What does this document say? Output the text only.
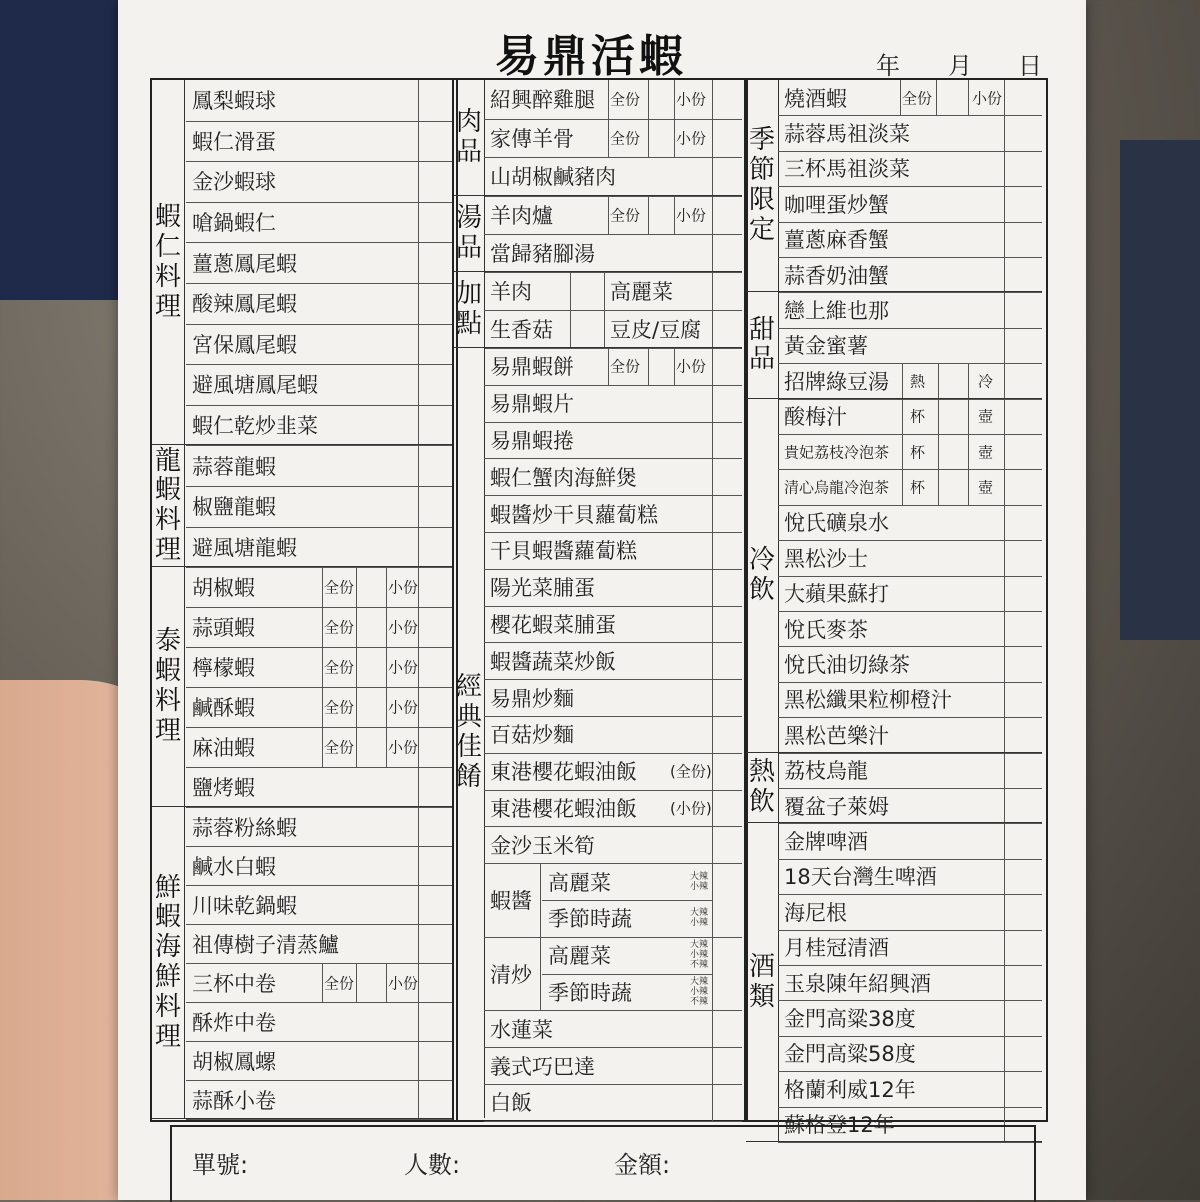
易鼎活蝦	年 月 日
蝦
仁
料
理
鳳梨蝦球
蝦仁滑蛋
金沙蝦球
嗆鍋蝦仁
薑蔥鳳尾蝦
酸辣鳳尾蝦
宮保鳳尾蝦
避風塘鳳尾蝦
蝦仁乾炒韭菜
龍
蝦
料
理
蒜蓉龍蝦
椒鹽龍蝦
避風塘龍蝦
泰
蝦
料
理
胡椒蝦	全份 小份
蒜頭蝦	全份 小份
檸檬蝦	全份 小份
鹹酥蝦	全份 小份
麻油蝦	全份 小份
鹽烤蝦
鮮
蝦
海
鮮
料
理
蒜蓉粉絲蝦
鹹水白蝦
川味乾鍋蝦
祖傳樹子清蒸鱸
三杯中卷	全份 小份
酥炸中卷
胡椒鳳螺
蒜酥小卷
肉
品
紹興醉雞腿 全份 小份
家傳羊骨 全份 小份
山胡椒鹹豬肉
湯
品
羊肉爐	全份 小份
當歸豬腳湯
加
點
羊肉	高麗菜
生香菇	豆皮/豆腐
經
典
佳
餚
易鼎蝦餅 全份 小份
易鼎蝦片
易鼎蝦捲
蝦仁蟹肉海鮮煲
蝦醬炒干貝蘿蔔糕
干貝蝦醬蘿蔔糕
陽光菜脯蛋
櫻花蝦菜脯蛋
蝦醬蔬菜炒飯
易鼎炒麵
百菇炒麵
東港櫻花蝦油飯 (全份)
東港櫻花蝦油飯 (小份)
金沙玉米筍
蝦醬
高麗菜	大辣
小辣
季節時蔬	大辣
小辣
清炒
高麗菜	大辣
小辣
不辣
季節時蔬	大辣
小辣
不辣
水蓮菜
義式巧巴達
白飯
季
節
限
定
燒酒蝦	全份	小份
蒜蓉馬祖淡菜
三杯馬祖淡菜
咖哩蛋炒蟹
薑蔥麻香蟹
蒜香奶油蟹
甜
品
戀上維也那
黃金蜜薯
招牌綠豆湯 熱	冷
冷
飲
酸梅汁	杯	壺
貴妃荔枝冷泡茶 杯	壺
清心烏龍冷泡茶 杯	壺
悅氏礦泉水
黑松沙士
大蘋果蘇打
悅氏麥茶
悅氏油切綠茶
黑松纖果粒柳橙汁
黑松芭樂汁
熱
飲
荔枝烏龍
覆盆子萊姆
酒
類
金牌啤酒
18天台灣生啤酒
海尼根
月桂冠清酒
玉泉陳年紹興酒
金門高粱38度
金門高粱58度
格蘭利威12年
蘇格登12年
單號:	人數:	金額:
